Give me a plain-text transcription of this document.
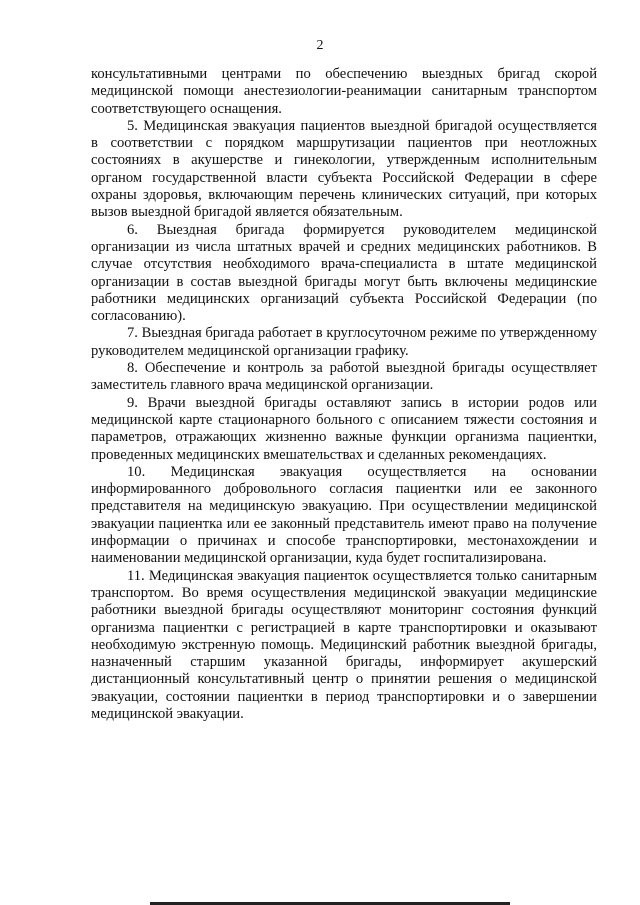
2

консультативными центрами по обеспечению выездных бригад скорой медицинской помощи анестезиологии-реанимации санитарным транспортом соответствующего оснащения.

5. Медицинская эвакуация пациентов выездной бригадой осуществляется в соответствии с порядком маршрутизации пациентов при неотложных состояниях в акушерстве и гинекологии, утвержденным исполнительным органом государственной власти субъекта Российской Федерации в сфере охраны здоровья, включающим перечень клинических ситуаций, при которых вызов выездной бригадой является обязательным.

6. Выездная бригада формируется руководителем медицинской организации из числа штатных врачей и средних медицинских работников. В случае отсутствия необходимого врача-специалиста в штате медицинской организации в состав выездной бригады могут быть включены медицинские работники медицинских организаций субъекта Российской Федерации (по согласованию).

7. Выездная бригада работает в круглосуточном режиме по утвержденному руководителем медицинской организации графику.

8. Обеспечение и контроль за работой выездной бригады осуществляет заместитель главного врача медицинской организации.

9. Врачи выездной бригады оставляют запись в истории родов или медицинской карте стационарного больного с описанием тяжести состояния и параметров, отражающих жизненно важные функции организма пациентки, проведенных медицинских вмешательствах и сделанных рекомендациях.

10. Медицинская эвакуация осуществляется на основании информированного добровольного согласия пациентки или ее законного представителя на медицинскую эвакуацию. При осуществлении медицинской эвакуации пациентка или ее законный представитель имеют право на получение информации о причинах и способе транспортировки, местонахождении и наименовании медицинской организации, куда будет госпитализирована.

11. Медицинская эвакуация пациенток осуществляется только санитарным транспортом. Во время осуществления медицинской эвакуации медицинские работники выездной бригады осуществляют мониторинг состояния функций организма пациентки с регистрацией в карте транспортировки и оказывают необходимую экстренную помощь. Медицинский работник выездной бригады, назначенный старшим указанной бригады, информирует акушерский дистанционный консультативный центр о принятии решения о медицинской эвакуации, состоянии пациентки в период транспортировки и о завершении медицинской эвакуации.
